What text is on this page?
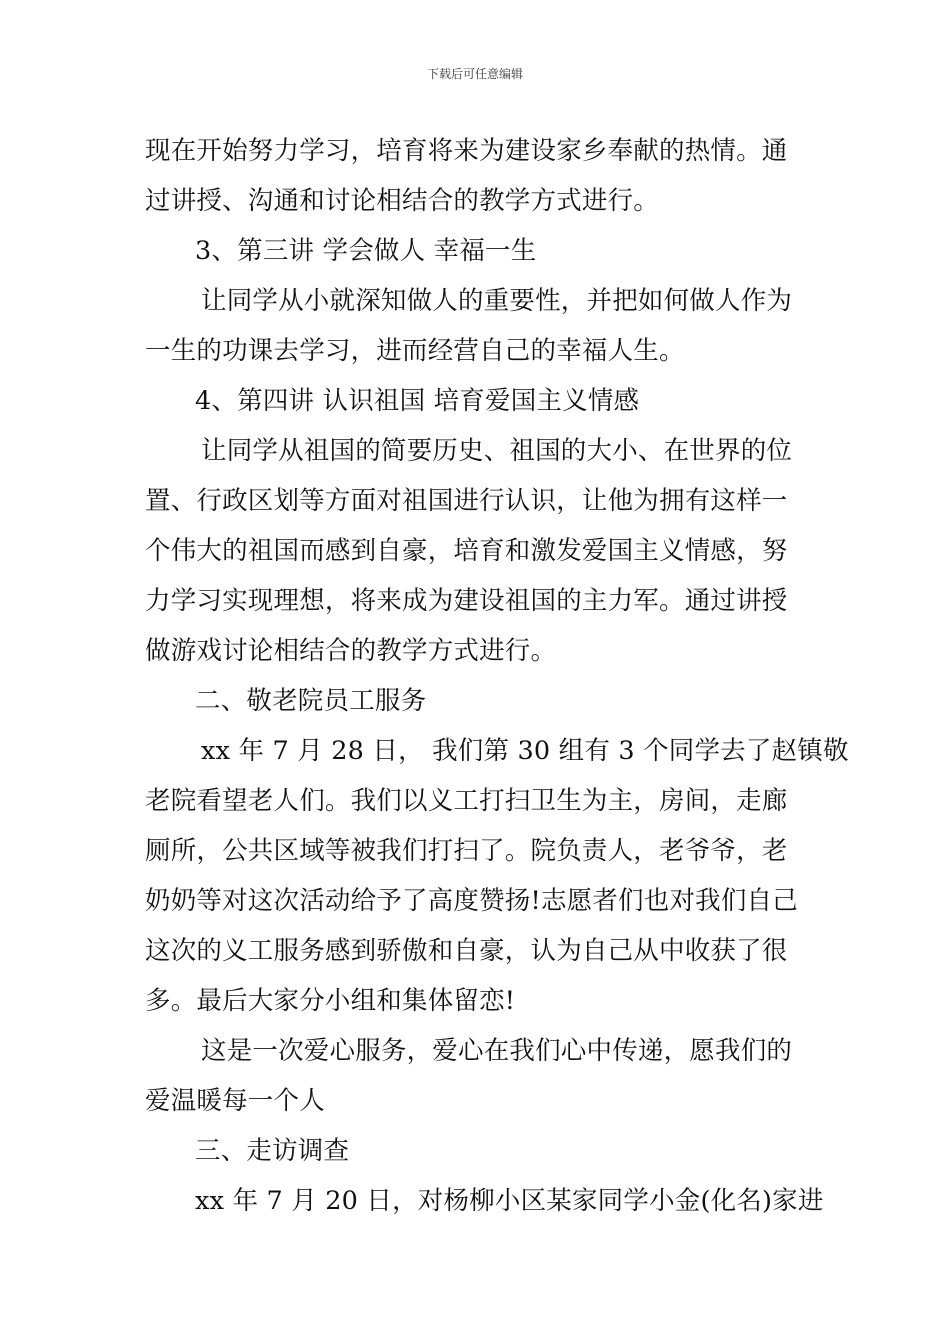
下载后可任意编辑
现在开始努力学习，培育将来为建设家乡奉献的热情。通
过讲授、沟通和讨论相结合的教学方式进行。
3、第三讲 学会做人 幸福一生
让同学从小就深知做人的重要性，并把如何做人作为
一生的功课去学习，进而经营自己的幸福人生。
4、第四讲 认识祖国 培育爱国主义情感
让同学从祖国的简要历史、祖国的大小、在世界的位
置、行政区划等方面对祖国进行认识，让他为拥有这样一
个伟大的祖国而感到自豪，培育和激发爱国主义情感，努
力学习实现理想，将来成为建设祖国的主力军。通过讲授
做游戏讨论相结合的教学方式进行。
二、敬老院员工服务
xx 年 7 月 28 日， 我们第 30 组有 3 个同学去了赵镇敬
老院看望老人们。我们以义工打扫卫生为主，房间，走廊
厕所，公共区域等被我们打扫了。院负责人，老爷爷，老
奶奶等对这次活动给予了高度赞扬!志愿者们也对我们自己
这次的义工服务感到骄傲和自豪，认为自己从中收获了很
多。最后大家分小组和集体留恋!
这是一次爱心服务，爱心在我们心中传递，愿我们的
爱温暖每一个人
三、走访调查
xx 年 7 月 20 日，对杨柳小区某家同学小金(化名)家进
